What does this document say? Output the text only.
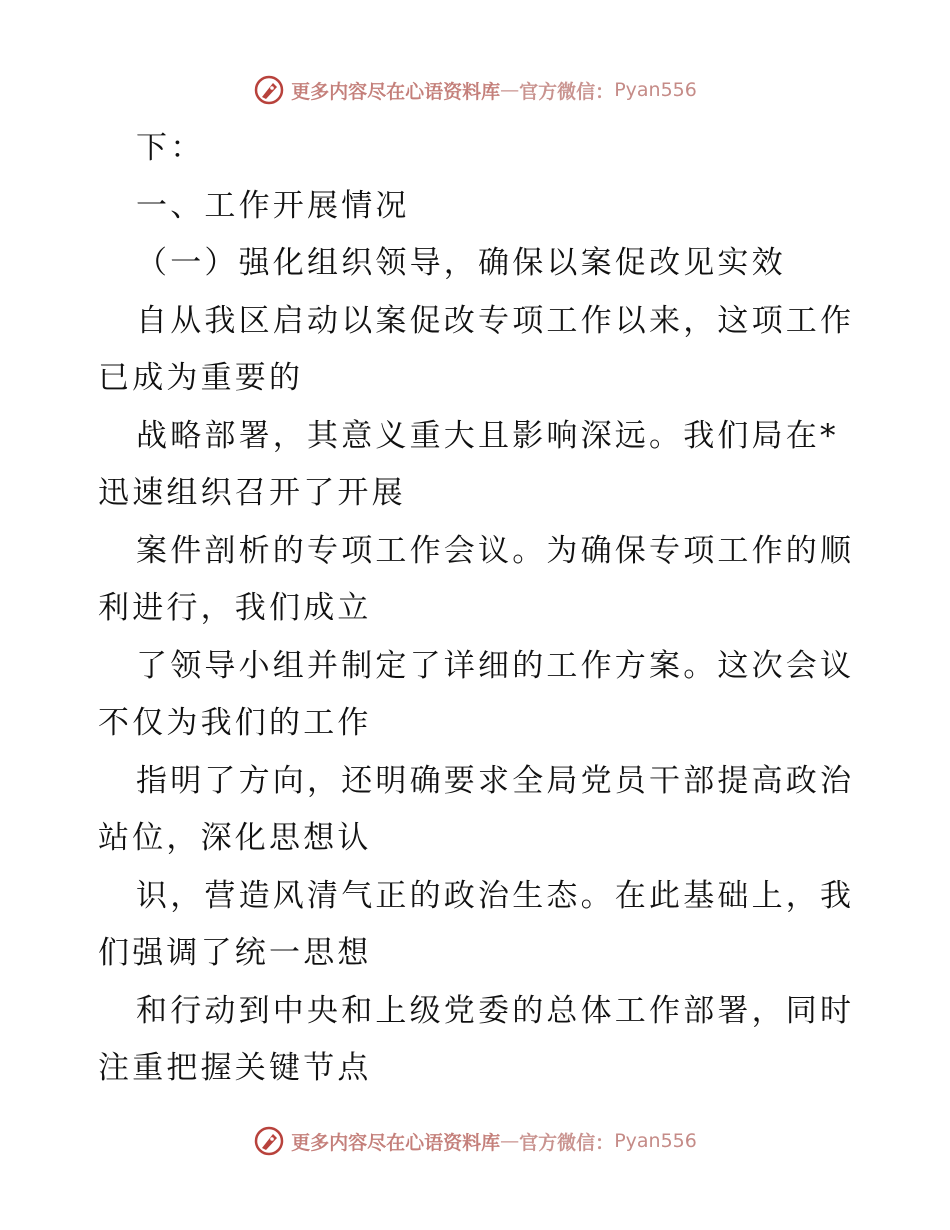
更多内容尽在心语资料库 — 官方微信： Pyan556
下：
一、工作开展情况
（一）强化组织领导，确保以案促改见实效
自从我区启动以案促改专项工作以来，这项工作
已成为重要的
战略部署，其意义重大且影响深远。我们局在*
迅速组织召开了开展
案件剖析的专项工作会议。为确保专项工作的顺
利进行，我们成立
了领导小组并制定了详细的工作方案。这次会议
不仅为我们的工作
指明了方向，还明确要求全局党员干部提高政治
站位，深化思想认
识，营造风清气正的政治生态。在此基础上，我
们强调了统一思想
和行动到中央和上级党委的总体工作部署，同时
注重把握关键节点
更多内容尽在心语资料库 — 官方微信： Pyan556
